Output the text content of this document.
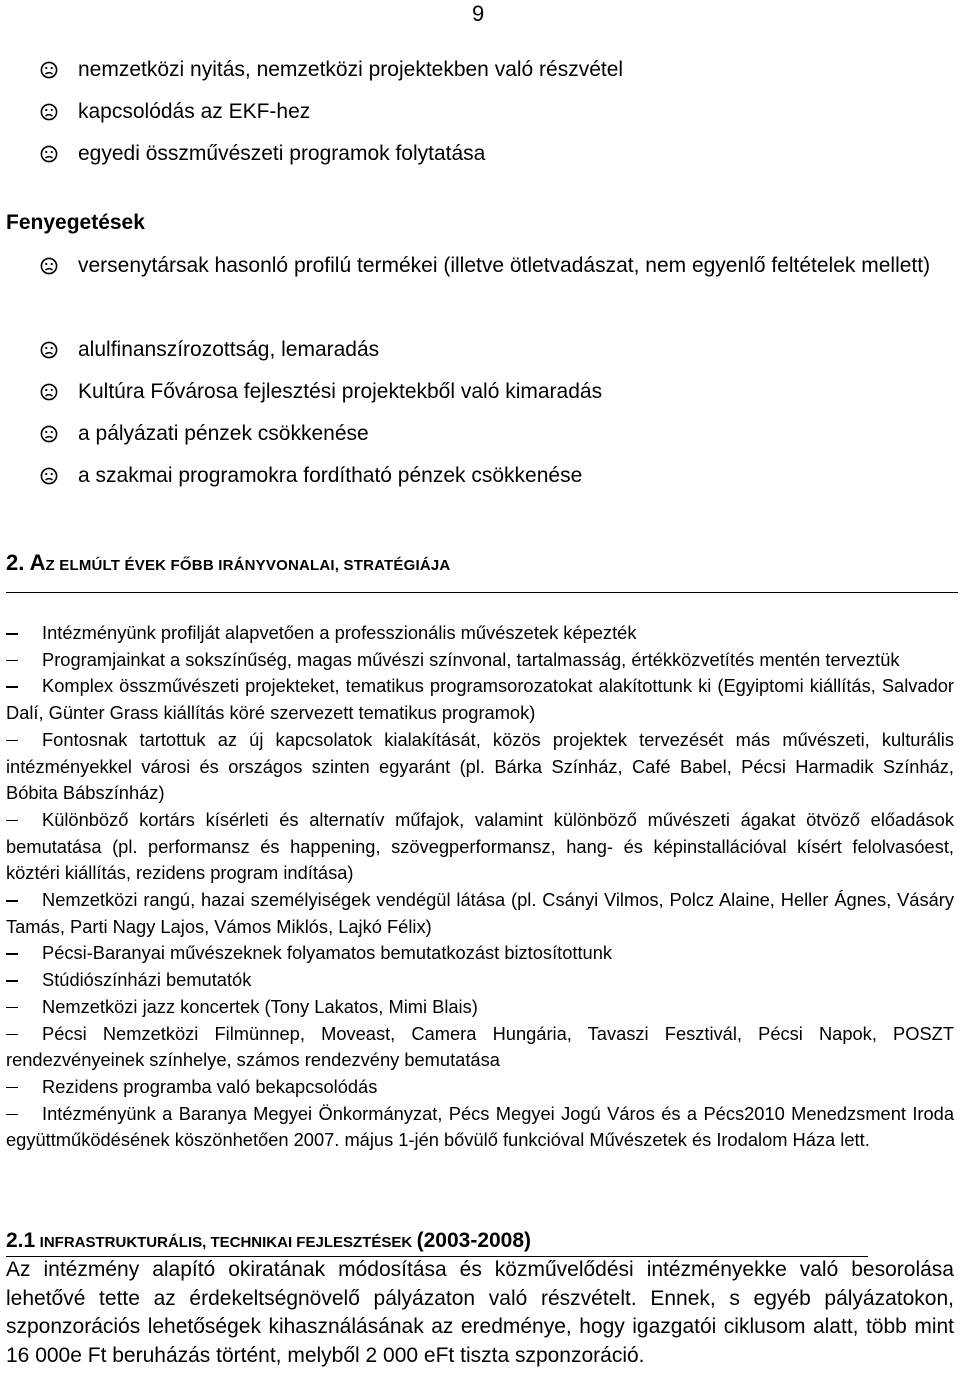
9
nemzetközi nyitás, nemzetközi projektekben való részvétel
kapcsolódás az EKF-hez
egyedi összművészeti programok folytatása
Fenyegetések
versenytársak hasonló profilú termékei (illetve ötletvadászat, nem egyenlő feltételek mellett)
alulfinanszírozottság, lemaradás
Kultúra Fővárosa fejlesztési projektekből való kimaradás
a pályázati pénzek csökkenése
a szakmai programokra fordítható pénzek csökkenése
2. AZ ELMÚLT ÉVEK FŐBB IRÁNYVONALAI, STRATÉGIÁJA
Intézményünk profilját alapvetően a professzionális művészetek képezték
Programjainkat a sokszínűség, magas művészi színvonal, tartalmasság, értékközvetítés mentén terveztük
Komplex összművészeti projekteket, tematikus programsorozatokat alakítottunk ki (Egyiptomi kiállítás, Salvador Dalí, Günter Grass kiállítás köré szervezett tematikus programok)
Fontosnak tartottuk az új kapcsolatok kialakítását, közös projektek tervezését más művészeti, kulturális intézményekkel városi és országos szinten egyaránt (pl. Bárka Színház, Café Babel, Pécsi Harmadik Színház, Bóbita Bábszínház)
Különböző kortárs kísérleti és alternatív műfajok, valamint különböző művészeti ágakat ötvöző előadások bemutatása (pl. performansz és happening, szövegperformansz, hang- és képinstallációval kísért felolvasóest, köztéri kiállítás, rezidens program indítása)
Nemzetközi rangú, hazai személyiségek vendégül látása (pl. Csányi Vilmos, Polcz Alaine, Heller Ágnes, Vásáry Tamás, Parti Nagy Lajos, Vámos Miklós, Lajkó Félix)
Pécsi-Baranyai művészeknek folyamatos bemutatkozást biztosítottunk
Stúdiószínházi bemutatók
Nemzetközi jazz koncertek (Tony Lakatos, Mimi Blais)
Pécsi Nemzetközi Filmünnep, Moveast, Camera Hungária, Tavaszi Fesztivál, Pécsi Napok, POSZT rendezvényeinek színhelye, számos rendezvény bemutatása
Rezidens programba való bekapcsolódás
Intézményünk a Baranya Megyei Önkormányzat, Pécs Megyei Jogú Város és a Pécs2010 Menedzsment Iroda együttműködésének köszönhetően 2007. május 1-jén bővülő funkcióval Művészetek és Irodalom Háza lett.
2.1 INFRASTRUKTURÁLIS, TECHNIKAI FEJLESZTÉSEK (2003-2008)

Az intézmény alapító okiratának módosítása és közművelődési intézményekke való besorolása lehetővé tette az érdekeltségnövelő pályázaton való részvételt. Ennek, s egyéb pályázatokon, szponzorációs lehetőségek kihasználásának az eredménye, hogy igazgatói ciklusom alatt, több mint 16 000e Ft beruházás történt, melyből 2 000 eFt tiszta szponzoráció.
